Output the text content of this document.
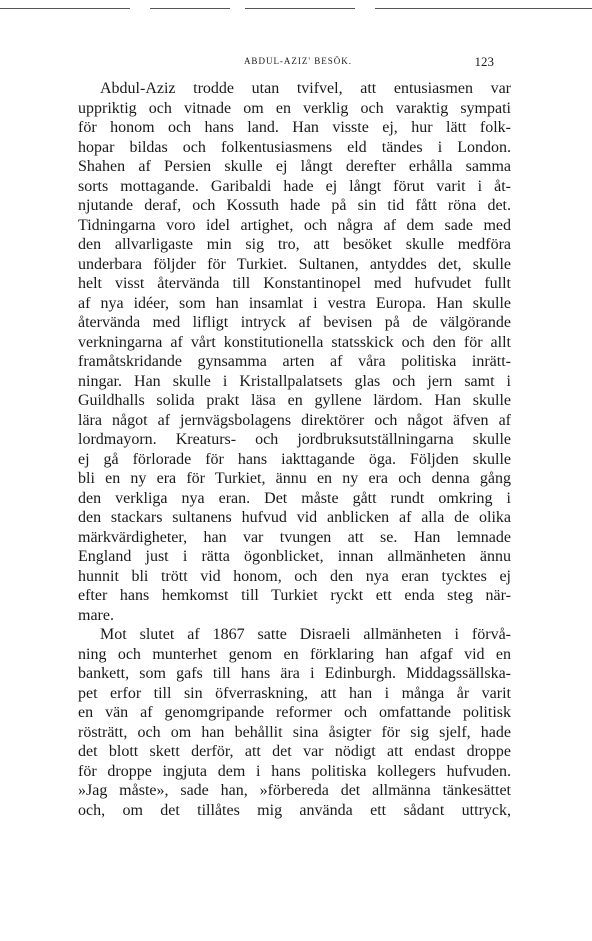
ABDUL-AZIZ' BESÖK.	123

Abdul-Aziz trodde utan tvifvel, att entusiasmen var
uppriktig och vitnade om en verklig och varaktig sympati
för honom och hans land. Han visste ej, hur lätt folk-
hopar bildas och folkentusiasmens eld tändes i London.
Shahen af Persien skulle ej långt derefter erhålla samma
sorts mottagande. Garibaldi hade ej långt förut varit i åt-
njutande deraf, och Kossuth hade på sin tid fått röna det.
Tidningarna voro idel artighet, och några af dem sade med
den allvarligaste min sig tro, att besöket skulle medföra
underbara följder för Turkiet. Sultanen, antyddes det, skulle
helt visst återvända till Konstantinopel med hufvudet fullt
af nya idéer, som han insamlat i vestra Europa. Han skulle
återvända med lifligt intryck af bevisen på de välgörande
verkningarna af vårt konstitutionella statsskick och den för allt
framåtskridande gynsamma arten af våra politiska inrätt-
ningar. Han skulle i Kristallpalatsets glas och jern samt i
Guildhalls solida prakt läsa en gyllene lärdom. Han skulle
lära något af jernvägsbolagens direktörer och något äfven af
lordmayorn. Kreaturs- och jordbruksutställningarna skulle
ej gå förlorade för hans iakttagande öga. Följden skulle
bli en ny era för Turkiet, ännu en ny era och denna gång
den verkliga nya eran. Det måste gått rundt omkring i
den stackars sultanens hufvud vid anblicken af alla de olika
märkvärdigheter, han var tvungen att se. Han lemnade
England just i rätta ögonblicket, innan allmänheten ännu
hunnit bli trött vid honom, och den nya eran tycktes ej
efter hans hemkomst till Turkiet ryckt ett enda steg när-
mare.

Mot slutet af 1867 satte Disraeli allmänheten i förvå-
ning och munterhet genom en förklaring han afgaf vid en
bankett, som gafs till hans ära i Edinburgh. Middagssällska-
pet erfor till sin öfverraskning, att han i många år varit
en vän af genomgripande reformer och omfattande politisk
rösträtt, och om han behållit sina åsigter för sig sjelf, hade
det blott skett derför, att det var nödigt att endast droppe
för droppe ingjuta dem i hans politiska kollegers hufvuden.
»Jag måste», sade han, »förbereda det allmänna tänkesättet
och, om det tillåtes mig använda ett sådant uttryck,
